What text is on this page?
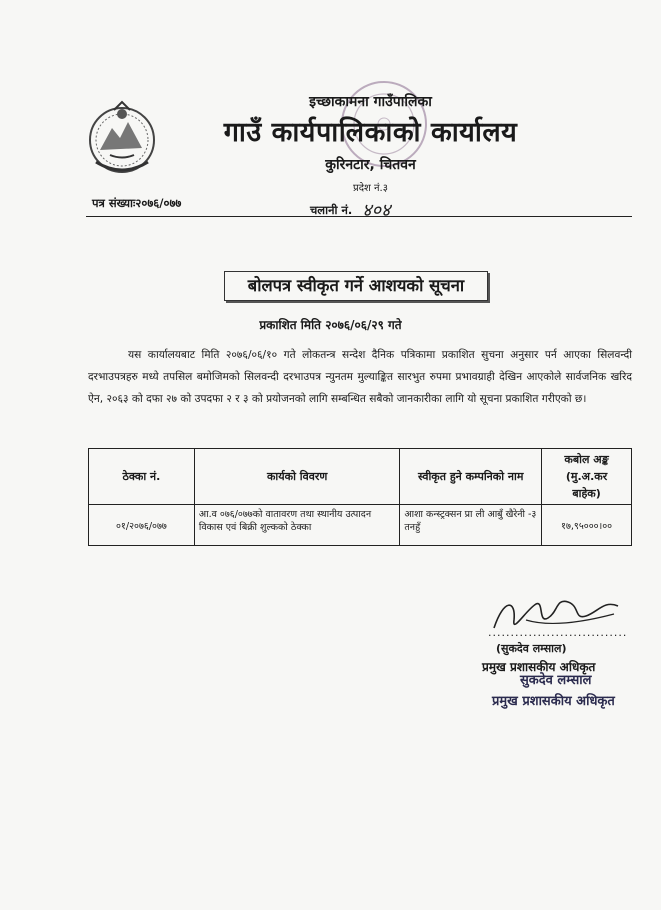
इच्छाकामना गाउँपालिका
गाउँ कार्यपालिकाको कार्यालय
कुरिनटार, चितवन
प्रदेश नं.३
पत्र संख्याः२०७६/०७७	चलानी नं. ४०४
बोलपत्र स्वीकृत गर्ने आशयको सूचना
प्रकाशित मिति २०७६/०६/२९ गते
यस कार्यालयबाट मिति २०७६/०६/१० गते लोकतन्त्र सन्देश दैनिक पत्रिकामा प्रकाशित सुचना अनुसार पर्न आएका सिलवन्दी दरभाउपत्रहरु मध्ये तपसिल बमोजिमको सिलवन्दी दरभाउपत्र न्युनतम मुल्याङ्कित सारभुत रुपमा प्रभावग्राही देखिन आएकोले सार्वजनिक खरिद ऐन, २०६३ को दफा २७ को उपदफा २ र ३ को प्रयोजनको लागि सम्बन्धित सबैको जानकारीका लागि यो सूचना प्रकाशित गरीएको छ।
ठेक्का नं.	कार्यको विवरण	स्वीकृत हुने कम्पनिको नाम	कबोल अङ्क
(मु.अ.कर
बाहेक)

०१/२०७६/०७७	आ.व ०७६/०७७को वातावरण तथा स्थानीय उत्पादन विकास एवं बिक्री शुल्कको ठेक्का	आशा कन्स्ट्रक्सन प्रा ली आबुँ खैरेनी -३ तनहुँ	१७,९५०००।००
...............................
(सुकदेव लम्साल)
प्रमुख प्रशासकीय अधिकृत
सुकदेव लम्साल
प्रमुख प्रशासकीय अधिकृत
